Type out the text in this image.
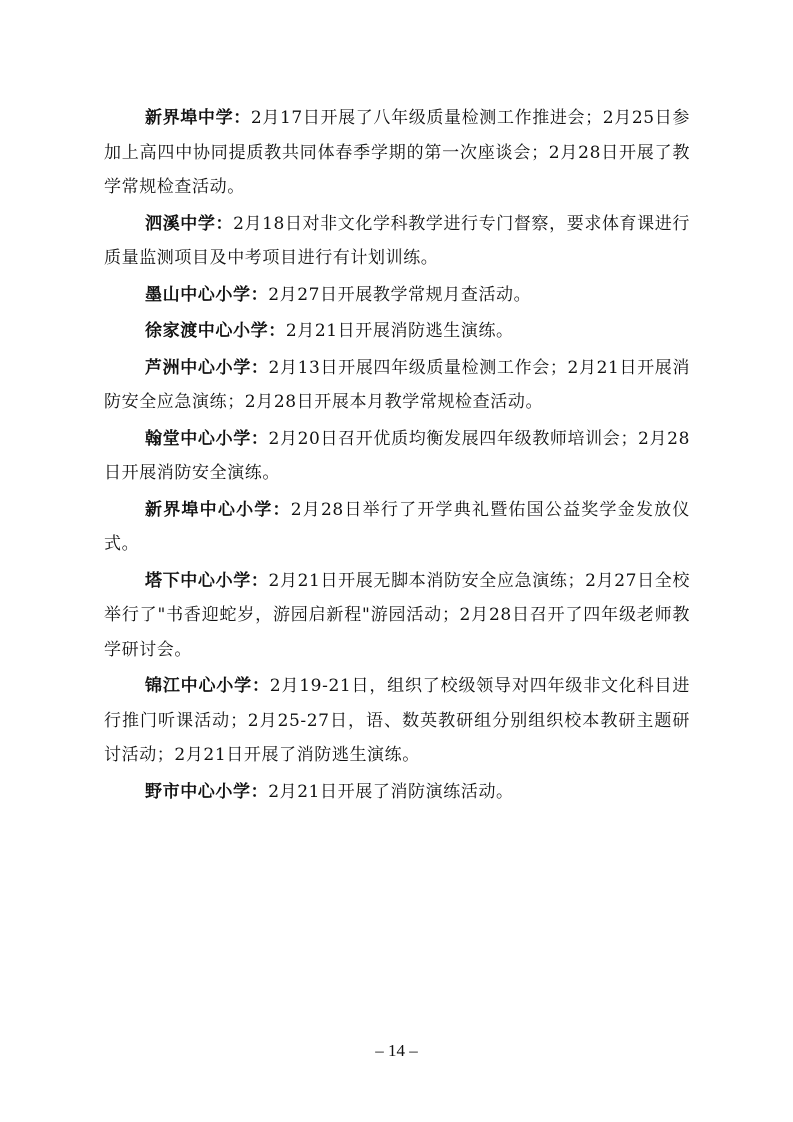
新界埠中学：2月17日开展了八年级质量检测工作推进会；2月25日参加上高四中协同提质教共同体春季学期的第一次座谈会；2月28日开展了教学常规检查活动。

泗溪中学：2月18日对非文化学科教学进行专门督察，要求体育课进行质量监测项目及中考项目进行有计划训练。

墨山中心小学：2月27日开展教学常规月查活动。

徐家渡中心小学：2月21日开展消防逃生演练。

芦洲中心小学：2月13日开展四年级质量检测工作会；2月21日开展消防安全应急演练；2月28日开展本月教学常规检查活动。

翰堂中心小学：2月20日召开优质均衡发展四年级教师培训会；2月28日开展消防安全演练。

新界埠中心小学：2月28日举行了开学典礼暨佑国公益奖学金发放仪式。

塔下中心小学：2月21日开展无脚本消防安全应急演练；2月27日全校举行了"书香迎蛇岁，游园启新程"游园活动；2月28日召开了四年级老师教学研讨会。

锦江中心小学：2月19-21日，组织了校级领导对四年级非文化科目进行推门听课活动；2月25-27日，语、数英教研组分别组织校本教研主题研讨活动；2月21日开展了消防逃生演练。

野市中心小学：2月21日开展了消防演练活动。

– 14 –
